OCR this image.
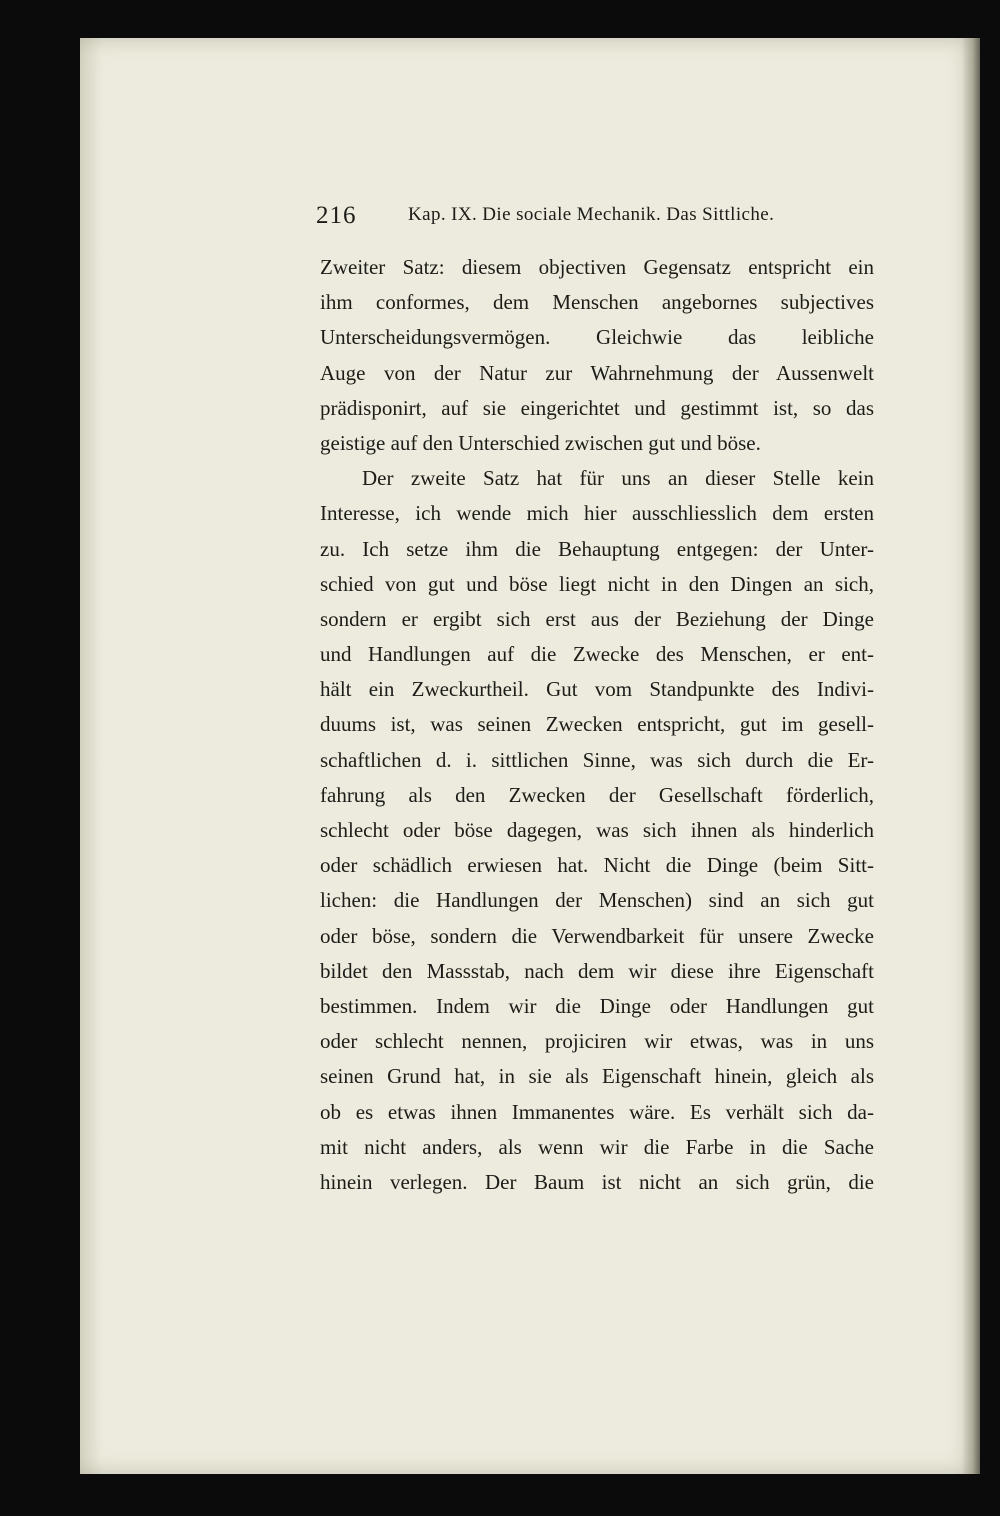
216	Kap. IX. Die sociale Mechanik. Das Sittliche.
Zweiter Satz: diesem objectiven Gegensatz entspricht ein
ihm conformes, dem Menschen angebornes subjectives
Unterscheidungsvermögen. Gleichwie das leibliche
Auge von der Natur zur Wahrnehmung der Aussenwelt
prädisponirt, auf sie eingerichtet und gestimmt ist, so das
geistige auf den Unterschied zwischen gut und böse.
Der zweite Satz hat für uns an dieser Stelle kein
Interesse, ich wende mich hier ausschliesslich dem ersten
zu. Ich setze ihm die Behauptung entgegen: der Unter-
schied von gut und böse liegt nicht in den Dingen an sich,
sondern er ergibt sich erst aus der Beziehung der Dinge
und Handlungen auf die Zwecke des Menschen, er ent-
hält ein Zweckurtheil. Gut vom Standpunkte des Indivi-
duums ist, was seinen Zwecken entspricht, gut im gesell-
schaftlichen d. i. sittlichen Sinne, was sich durch die Er-
fahrung als den Zwecken der Gesellschaft förderlich,
schlecht oder böse dagegen, was sich ihnen als hinderlich
oder schädlich erwiesen hat. Nicht die Dinge (beim Sitt-
lichen: die Handlungen der Menschen) sind an sich gut
oder böse, sondern die Verwendbarkeit für unsere Zwecke
bildet den Massstab, nach dem wir diese ihre Eigenschaft
bestimmen. Indem wir die Dinge oder Handlungen gut
oder schlecht nennen, projiciren wir etwas, was in uns
seinen Grund hat, in sie als Eigenschaft hinein, gleich als
ob es etwas ihnen Immanentes wäre. Es verhält sich da-
mit nicht anders, als wenn wir die Farbe in die Sache
hinein verlegen. Der Baum ist nicht an sich grün, die
